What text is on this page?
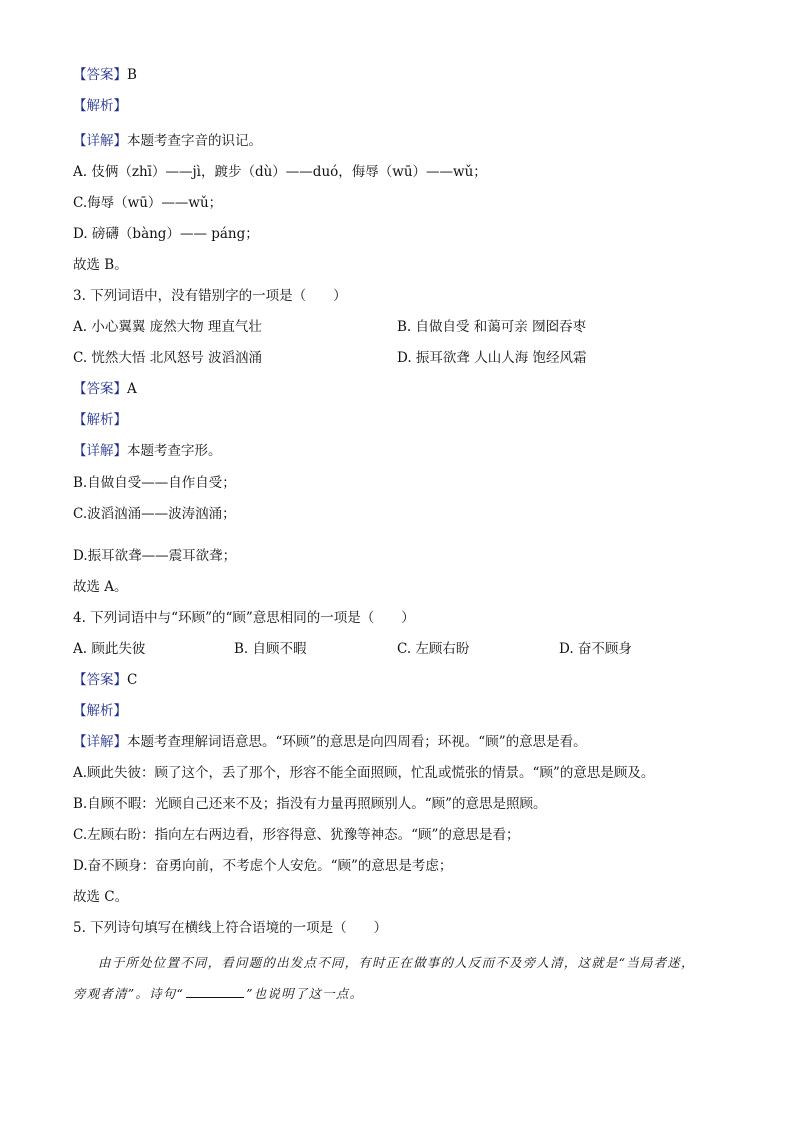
【答案】B
【解析】
【详解】本题考查字音的识记。
A. 伎俩（zhī）——jì，踱步（dù）——duó，侮辱（wū）——wǔ；
C.侮辱（wū）——wǔ；
D. 磅礴（bàng）—— páng；
故选 B。
3. 下列词语中，没有错别字的一项是（　　）
A. 小心翼翼 庞然大物 理直气壮	B. 自做自受 和蔼可亲 囫囵吞枣
C. 恍然大悟 北风怒号 波滔汹涌	D. 振耳欲聋 人山人海 饱经风霜
【答案】A
【解析】
【详解】本题考查字形。
B.自做自受——自作自受；
C.波滔汹涌——波涛汹涌；
D.振耳欲聋——震耳欲聋；
故选 A。
4. 下列词语中与“环顾”的“顾”意思相同的一项是（　　）
A. 顾此失彼	B. 自顾不暇	C. 左顾右盼	D. 奋不顾身
【答案】C
【解析】
【详解】本题考查理解词语意思。“环顾”的意思是向四周看；环视。“顾”的意思是看。
A.顾此失彼：顾了这个，丢了那个，形容不能全面照顾，忙乱或慌张的情景。“顾”的意思是顾及。
B.自顾不暇：光顾自己还来不及；指没有力量再照顾别人。“顾”的意思是照顾。
C.左顾右盼：指向左右两边看，形容得意、犹豫等神态。“顾”的意思是看；
D.奋不顾身：奋勇向前，不考虑个人安危。“顾”的意思是考虑；
故选 C。
5. 下列诗句填写在横线上符合语境的一项是（　　）
由于所处位置不同，看问题的出发点不同，有时正在做事的人反而不及旁人清，这就是“当局者迷，
旁观者清”。诗句“	”也说明了这一点。
